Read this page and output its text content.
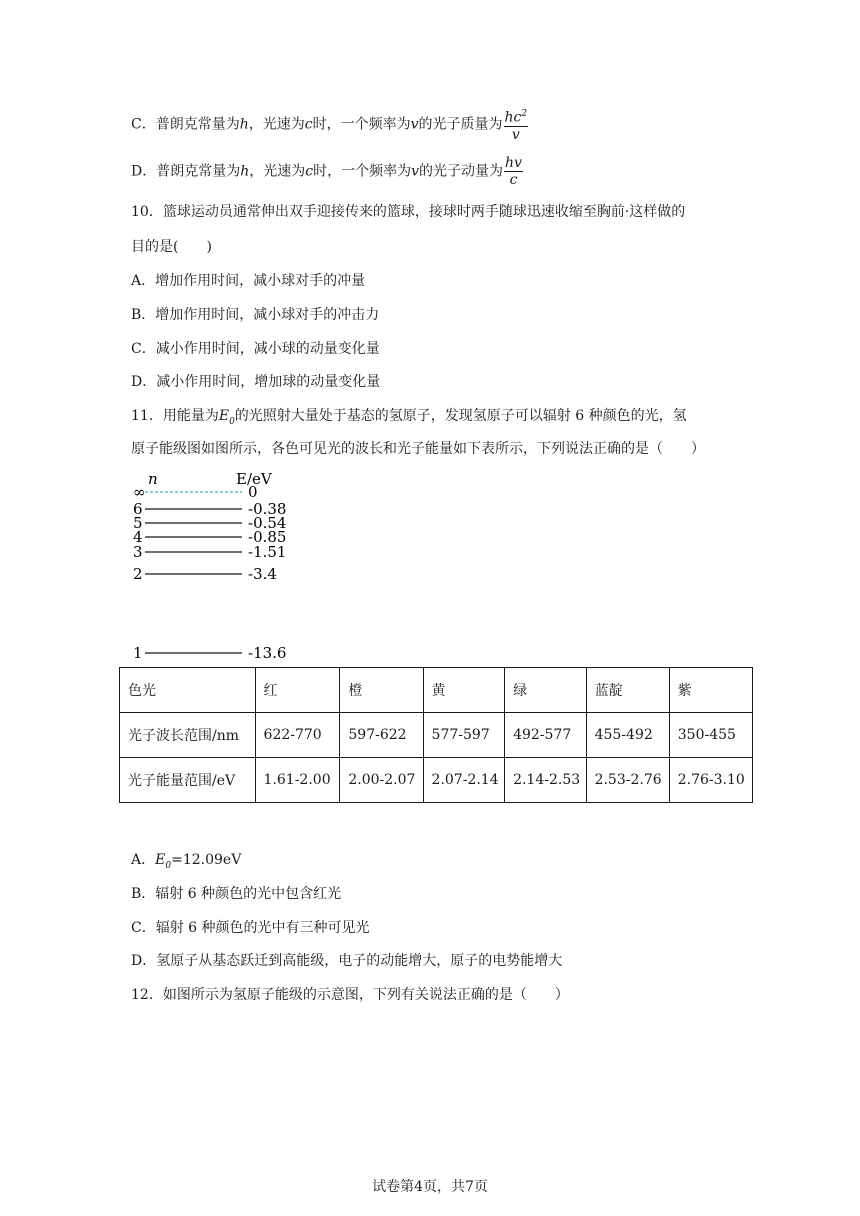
C．普朗克常量为h，光速为c时，一个频率为v的光子质量为 $\frac{hc^2}{v}$
D．普朗克常量为h，光速为c时，一个频率为v的光子动量为 $\frac{hv}{c}$
10．篮球运动员通常伸出双手迎接传来的篮球，接球时两手随球迅速收缩至胸前·这样做的
目的是(　　)
A．增加作用时间，减小球对手的冲量
B．增加作用时间，减小球对手的冲击力
C．减小作用时间，减小球的动量变化量
D．减小作用时间，增加球的动量变化量
11．用能量为$E_0$的光照射大量处于基态的氢原子，发现氢原子可以辐射 6 种颜色的光，氢
原子能级图如图所示，各色可见光的波长和光子能量如下表所示，下列说法正确的是（　　）
n	E/eV
∞	0
6	-0.38
5	-0.54
4	-0.85
3	-1.51
2	-3.4
1	-13.6
色光	红	橙	黄	绿	蓝靛	紫
光子波长范围/nm	622-770	597-622	577-597	492-577	455-492	350-455
光子能量范围/eV	1.61-2.00	2.00-2.07	2.07-2.14	2.14-2.53	2.53-2.76	2.76-3.10
A．$E_0=12.09eV$
B．辐射 6 种颜色的光中包含红光
C．辐射 6 种颜色的光中有三种可见光
D．氢原子从基态跃迁到高能级，电子的动能增大，原子的电势能增大
12．如图所示为氢原子能级的示意图，下列有关说法正确的是（　　）
试卷第4页，共7页
